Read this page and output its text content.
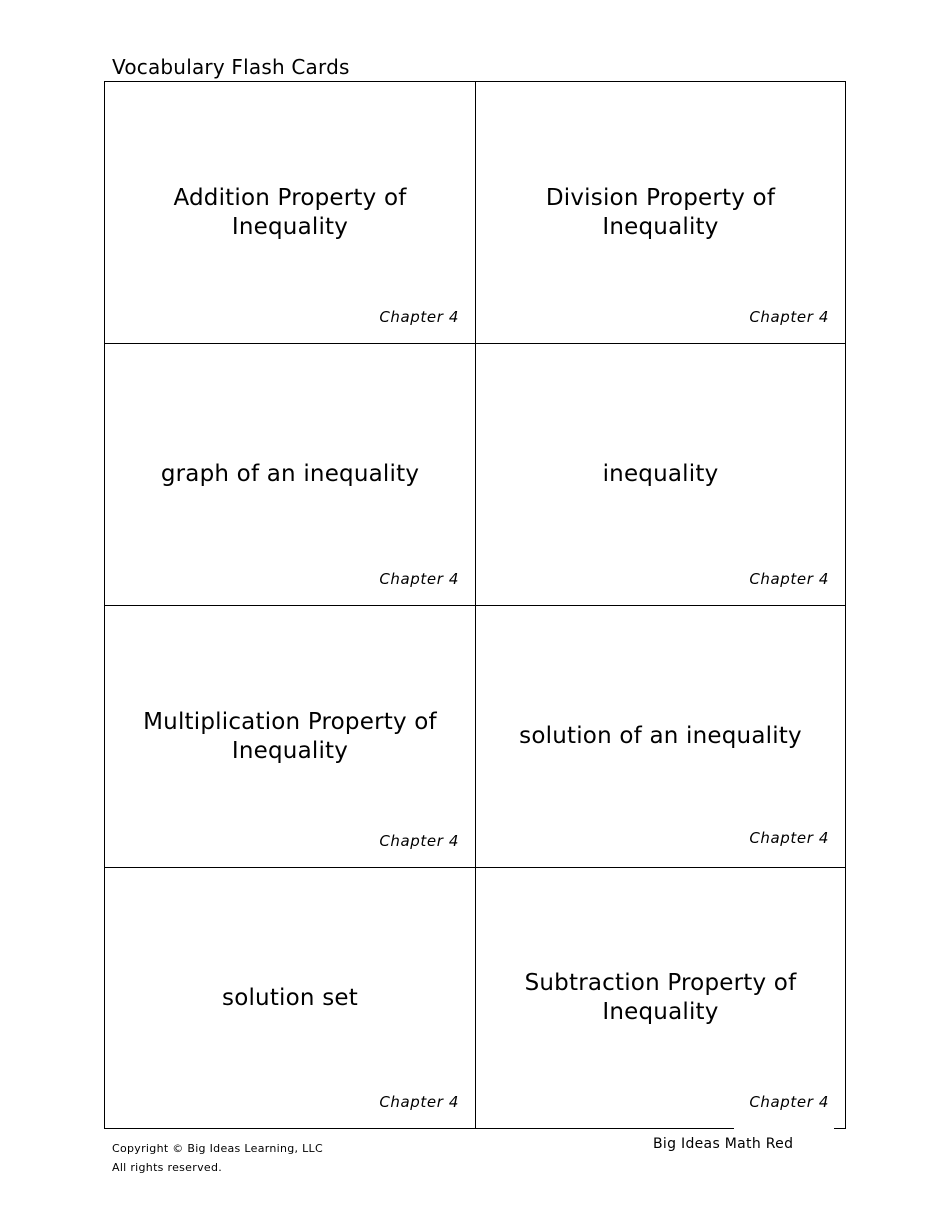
Vocabulary Flash Cards
Addition Property of Inequality
Chapter 4
Division Property of Inequality
Chapter 4
graph of an inequality
Chapter 4
inequality
Chapter 4
Multiplication Property of Inequality
Chapter 4
solution of an inequality
Chapter 4
solution set
Chapter 4
Subtraction Property of Inequality
Chapter 4
Copyright © Big Ideas Learning, LLC
All rights reserved.
Big Ideas Math Red
